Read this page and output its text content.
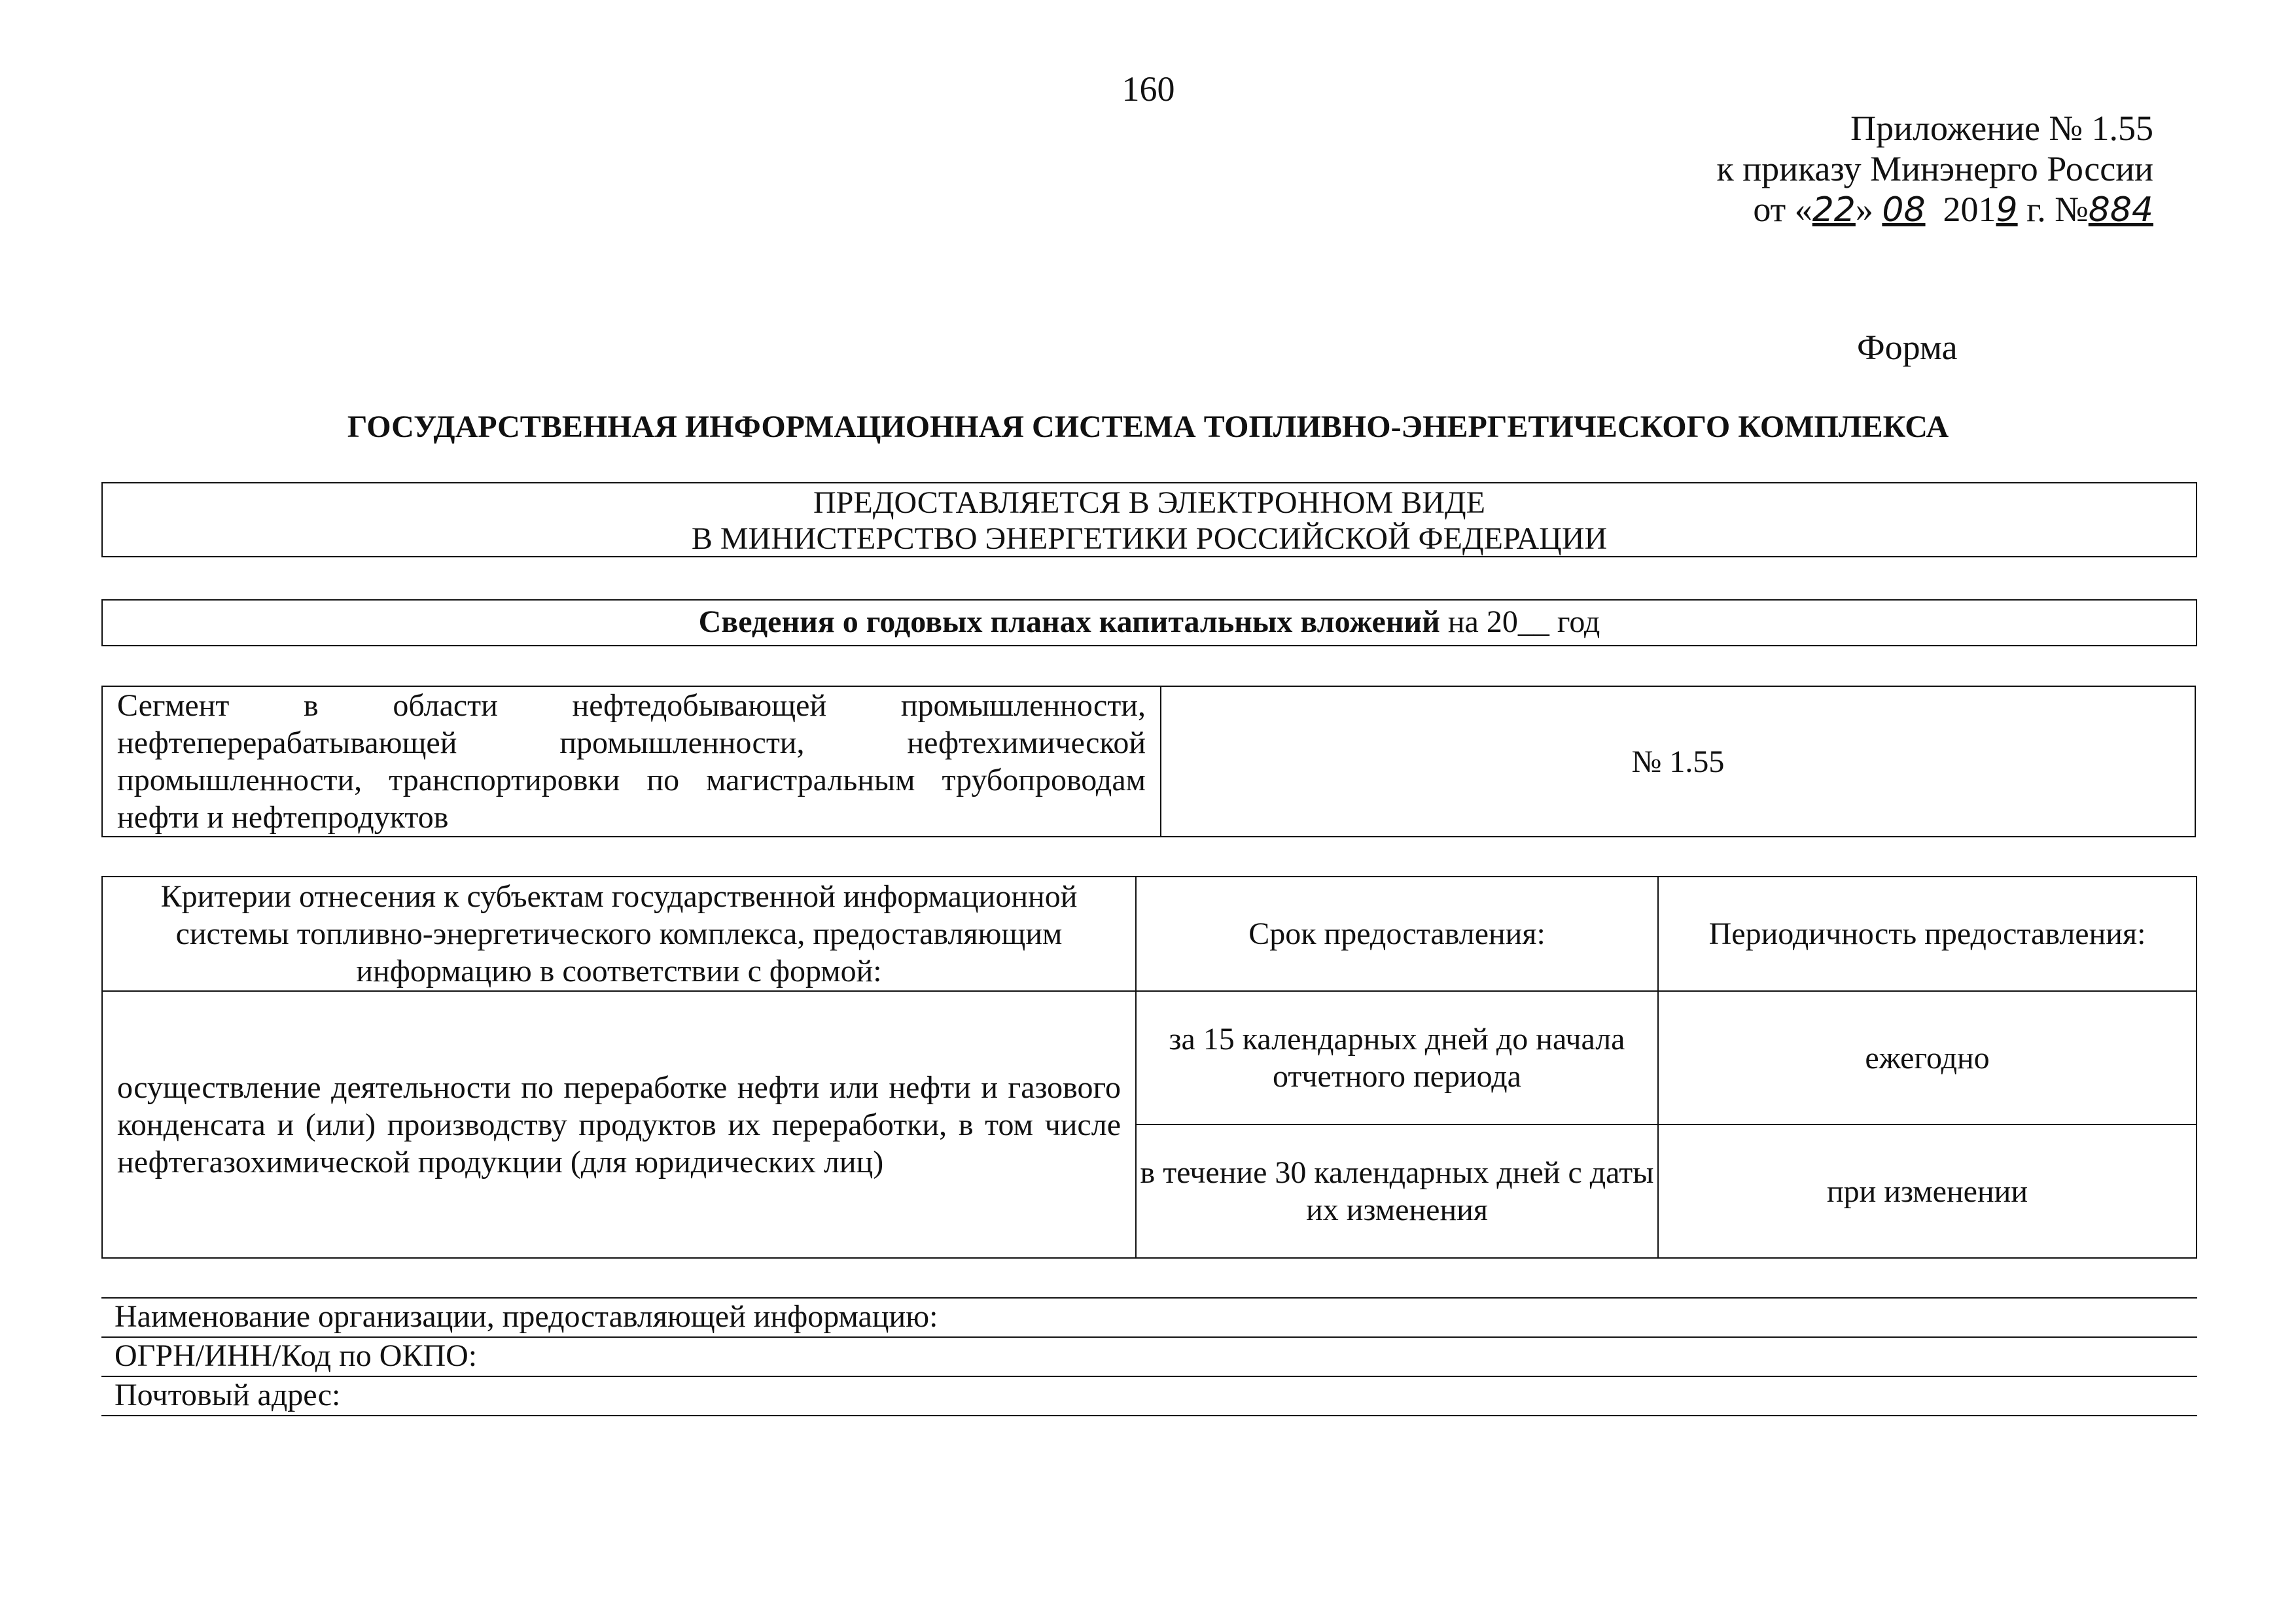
160
Приложение № 1.55
к приказу Минэнерго России
от «22» 08 2019 г. №884
Форма
ГОСУДАРСТВЕННАЯ ИНФОРМАЦИОННАЯ СИСТЕМА ТОПЛИВНО-ЭНЕРГЕТИЧЕСКОГО КОМПЛЕКСА
ПРЕДОСТАВЛЯЕТСЯ В ЭЛЕКТРОННОМ ВИДЕ
В МИНИСТЕРСТВО ЭНЕРГЕТИКИ РОССИЙСКОЙ ФЕДЕРАЦИИ
Сведения о годовых планах капитальных вложений на 20__ год
Сегмент в области нефтедобывающей промышленности, нефтеперерабатывающей промышленности, нефтехимической промышленности, транспортировки по магистральным трубопроводам нефти и нефтепродуктов	№ 1.55
Критерии отнесения к субъектам государственной информационной системы топливно-энергетического комплекса, предоставляющим информацию в соответствии с формой:	Срок предоставления:	Периодичность предоставления:
осуществление деятельности по переработке нефти или нефти и газового конденсата и (или) производству продуктов их переработки, в том числе нефтегазохимической продукции (для юридических лиц)	за 15 календарных дней до начала отчетного периода	ежегодно
	в течение 30 календарных дней с даты их изменения	при изменении
Наименование организации, предоставляющей информацию:
ОГРН/ИНН/Код по ОКПО:
Почтовый адрес:
